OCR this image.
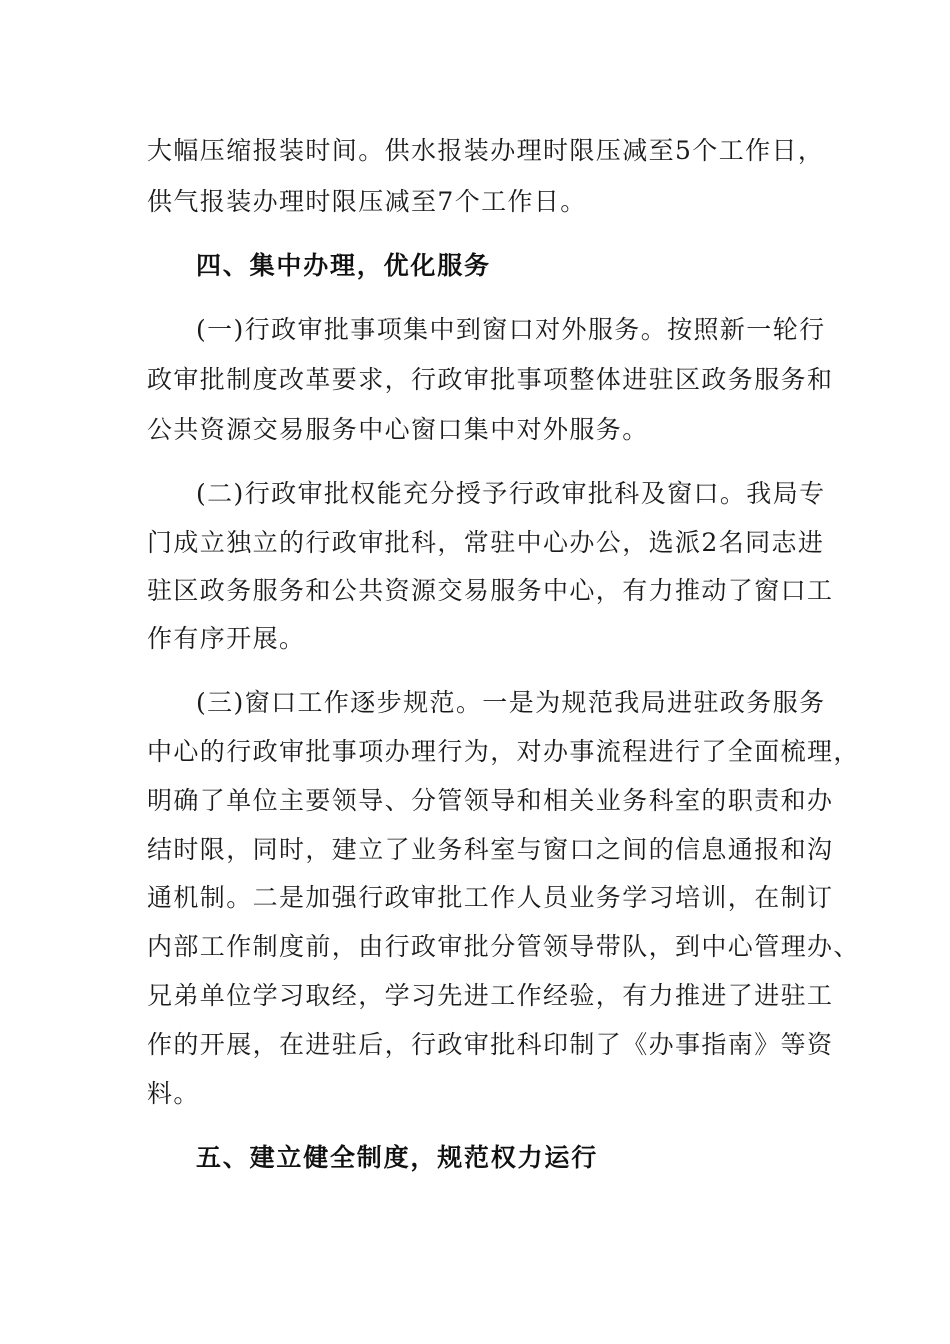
大幅压缩报装时间。供水报装办理时限压减至5个工作日，
供气报装办理时限压减至7个工作日。
四、集中办理，优化服务
(一)行政审批事项集中到窗口对外服务。按照新一轮行
政审批制度改革要求，行政审批事项整体进驻区政务服务和
公共资源交易服务中心窗口集中对外服务。
(二)行政审批权能充分授予行政审批科及窗口。我局专
门成立独立的行政审批科，常驻中心办公，选派2名同志进
驻区政务服务和公共资源交易服务中心，有力推动了窗口工
作有序开展。
(三)窗口工作逐步规范。一是为规范我局进驻政务服务
中心的行政审批事项办理行为，对办事流程进行了全面梳理，
明确了单位主要领导、分管领导和相关业务科室的职责和办
结时限，同时，建立了业务科室与窗口之间的信息通报和沟
通机制。二是加强行政审批工作人员业务学习培训，在制订
内部工作制度前，由行政审批分管领导带队，到中心管理办、
兄弟单位学习取经，学习先进工作经验，有力推进了进驻工
作的开展，在进驻后，行政审批科印制了《办事指南》等资
料。
五、建立健全制度，规范权力运行
